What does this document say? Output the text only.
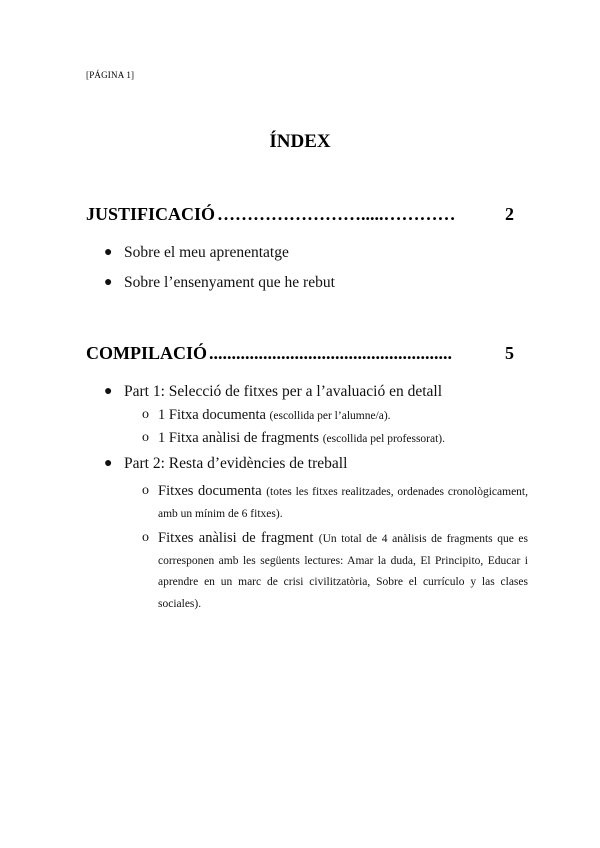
[PÁGINA 1]
ÍNDEX
JUSTIFICACIÓ …………………….....…………	2
● Sobre el meu aprenentatge
● Sobre l’ensenyament que he rebut
COMPILACIÓ ......................................................	5
● Part 1: Selecció de fitxes per a l’avaluació en detall
o 1 Fitxa documenta (escollida per l’alumne/a).
o 1 Fitxa anàlisi de fragments (escollida pel professorat).
● Part 2: Resta d’evidències de treball
o Fitxes documenta (totes les fitxes realitzades, ordenades cronològicament, amb un mínim de 6 fitxes).
o Fitxes anàlisi de fragment (Un total de 4 anàlisis de fragments que es corresponen amb les següents lectures: Amar la duda, El Principito, Educar i aprendre en un marc de crisi civilitzatòria, Sobre el currículo y las clases sociales).
